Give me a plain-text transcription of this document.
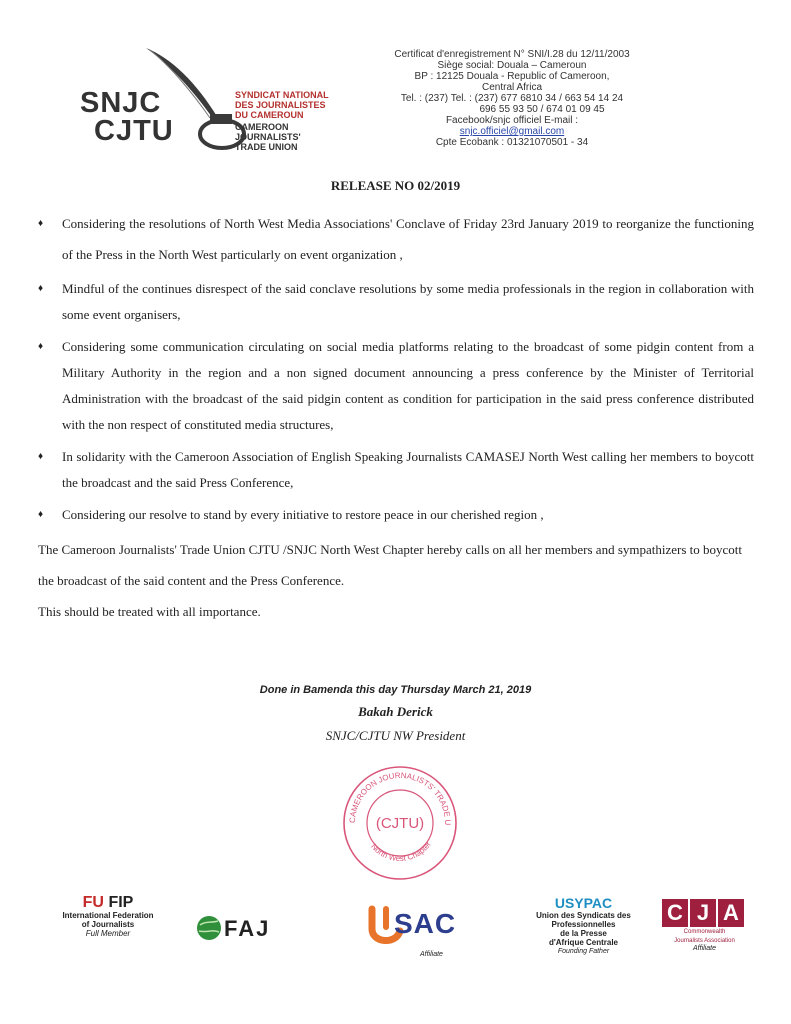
SNJC
CJTU
SYNDICAT NATIONAL
DES JOURNALISTES
DU CAMEROUN
CAMEROON
JOURNALISTS'
TRADE UNION
Certificat d'enregistrement N° SNI/I.28 du 12/11/2003
Siège social: Douala – Cameroun
BP : 12125 Douala - Republic of Cameroon,
Central Africa
Tel. : (237) Tel. : (237) 677 6810 34 / 663 54 14 24
696 55 93 50 / 674 01 09 45
Facebook/snjc officiel E-mail :
snjc.officiel@gmail.com
Cpte Ecobank : 01321070501 - 34
RELEASE NO 02/2019
♦ Considering the resolutions of North West Media Associations' Conclave of Friday 23rd January 2019 to reorganize the functioning of the Press in the North West particularly on event organization ,
♦ Mindful of the continues disrespect of the said conclave resolutions by some media professionals in the region in collaboration with some event organisers,
♦ Considering some communication circulating on social media platforms relating to the broadcast of some pidgin content from a Military Authority in the region and a non signed document announcing a press conference by the Minister of Territorial Administration with the broadcast of the said pidgin content as condition for participation in the said press conference distributed with the non respect of constituted media structures,
♦ In solidarity with the Cameroon Association of English Speaking Journalists CAMASEJ North West calling her members to boycott the broadcast and the said Press Conference,
♦ Considering our resolve to stand by every initiative to restore peace in our cherished region ,

The Cameroon Journalists' Trade Union CJTU /SNJC North West Chapter hereby calls on all her members and sympathizers to boycott the broadcast of the said content and the Press Conference.

This should be treated with all importance.

Done in Bamenda this day Thursday March 21, 2019
Bakah Derick
SNJC/CJTU NW President
CAMEROON JOURNALISTS' TRADE U
North West Chapter
(CJTU)
FU FIP
International Federation
of Journalists
Full Member	FAJ	SAC
Affiliate
USYPAC
Union des Syndicats des
Professionnelles
de la Presse
d'Afrique Centrale
Founding Father
C J A
Commonwealth
Journalists Association
Affiliate
